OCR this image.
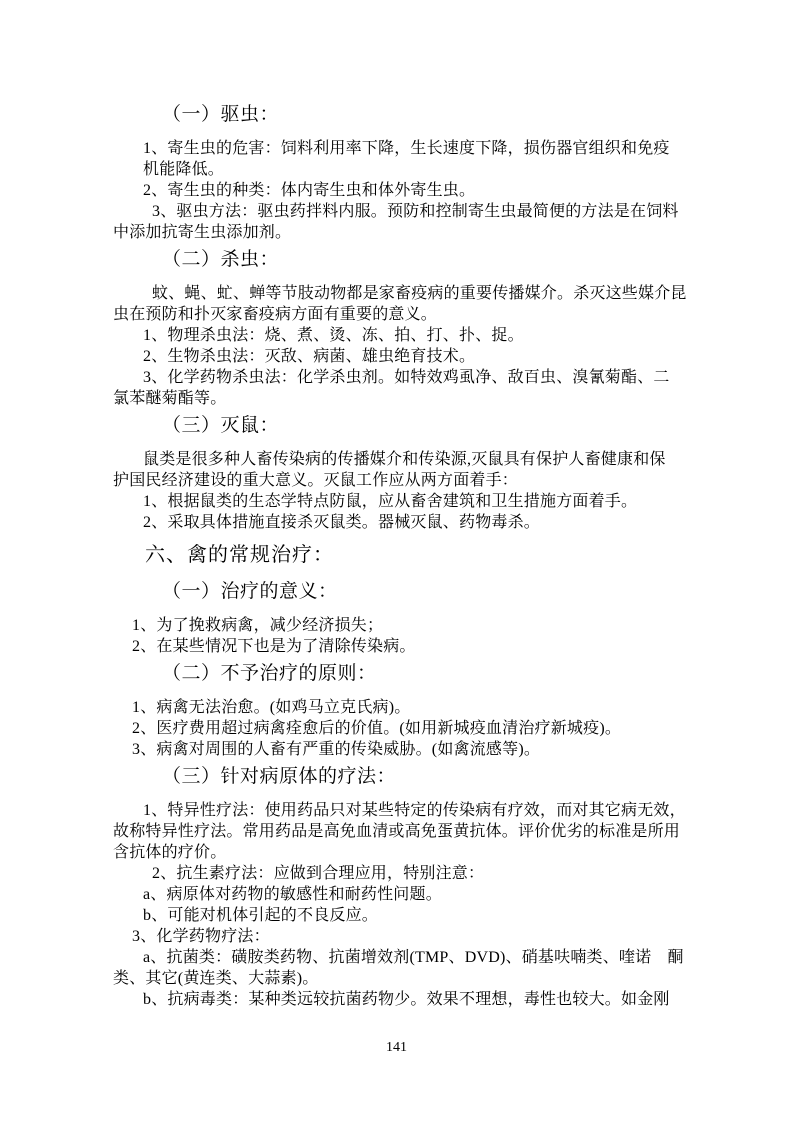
（一）驱虫：
1、寄生虫的危害：饲料利用率下降，生长速度下降，损伤器官组织和免疫
机能降低。
2、寄生虫的种类：体内寄生虫和体外寄生虫。
3、驱虫方法：驱虫药拌料内服。预防和控制寄生虫最简便的方法是在饲料
中添加抗寄生虫添加剂。
（二）杀虫：
蚊、蝇、虻、蝉等节肢动物都是家畜疫病的重要传播媒介。杀灭这些媒介昆
虫在预防和扑灭家畜疫病方面有重要的意义。
1、物理杀虫法：烧、煮、烫、冻、拍、打、扑、捉。
2、生物杀虫法：灭敌、病菌、雄虫绝育技术。
3、化学药物杀虫法：化学杀虫剂。如特效鸡虱净、敌百虫、溴氰菊酯、二
氯苯醚菊酯等。
（三）灭鼠：
鼠类是很多种人畜传染病的传播媒介和传染源,灭鼠具有保护人畜健康和保
护国民经济建设的重大意义。灭鼠工作应从两方面着手：
1、根据鼠类的生态学特点防鼠，应从畜舍建筑和卫生措施方面着手。
2、采取具体措施直接杀灭鼠类。器械灭鼠、药物毒杀。
六、禽的常规治疗：
（一）治疗的意义：
1、为了挽救病禽，减少经济损失；
2、在某些情况下也是为了清除传染病。
（二）不予治疗的原则：
1、病禽无法治愈。(如鸡马立克氏病)。
2、医疗费用超过病禽痊愈后的价值。(如用新城疫血清治疗新城疫)。
3、病禽对周围的人畜有严重的传染威胁。(如禽流感等)。
（三）针对病原体的疗法：
1、特异性疗法：使用药品只对某些特定的传染病有疗效，而对其它病无效，
故称特异性疗法。常用药品是高免血清或高免蛋黄抗体。评价优劣的标准是所用
含抗体的疗价。
2、抗生素疗法：应做到合理应用，特别注意：
a、病原体对药物的敏感性和耐药性问题。
b、可能对机体引起的不良反应。
3、化学药物疗法：
a、抗菌类：磺胺类药物、抗菌增效剂(TMP、DVD)、硝基呋喃类、喹诺　酮
类、其它(黄连类、大蒜素)。
b、抗病毒类：某种类远较抗菌药物少。效果不理想，毒性也较大。如金刚
141
